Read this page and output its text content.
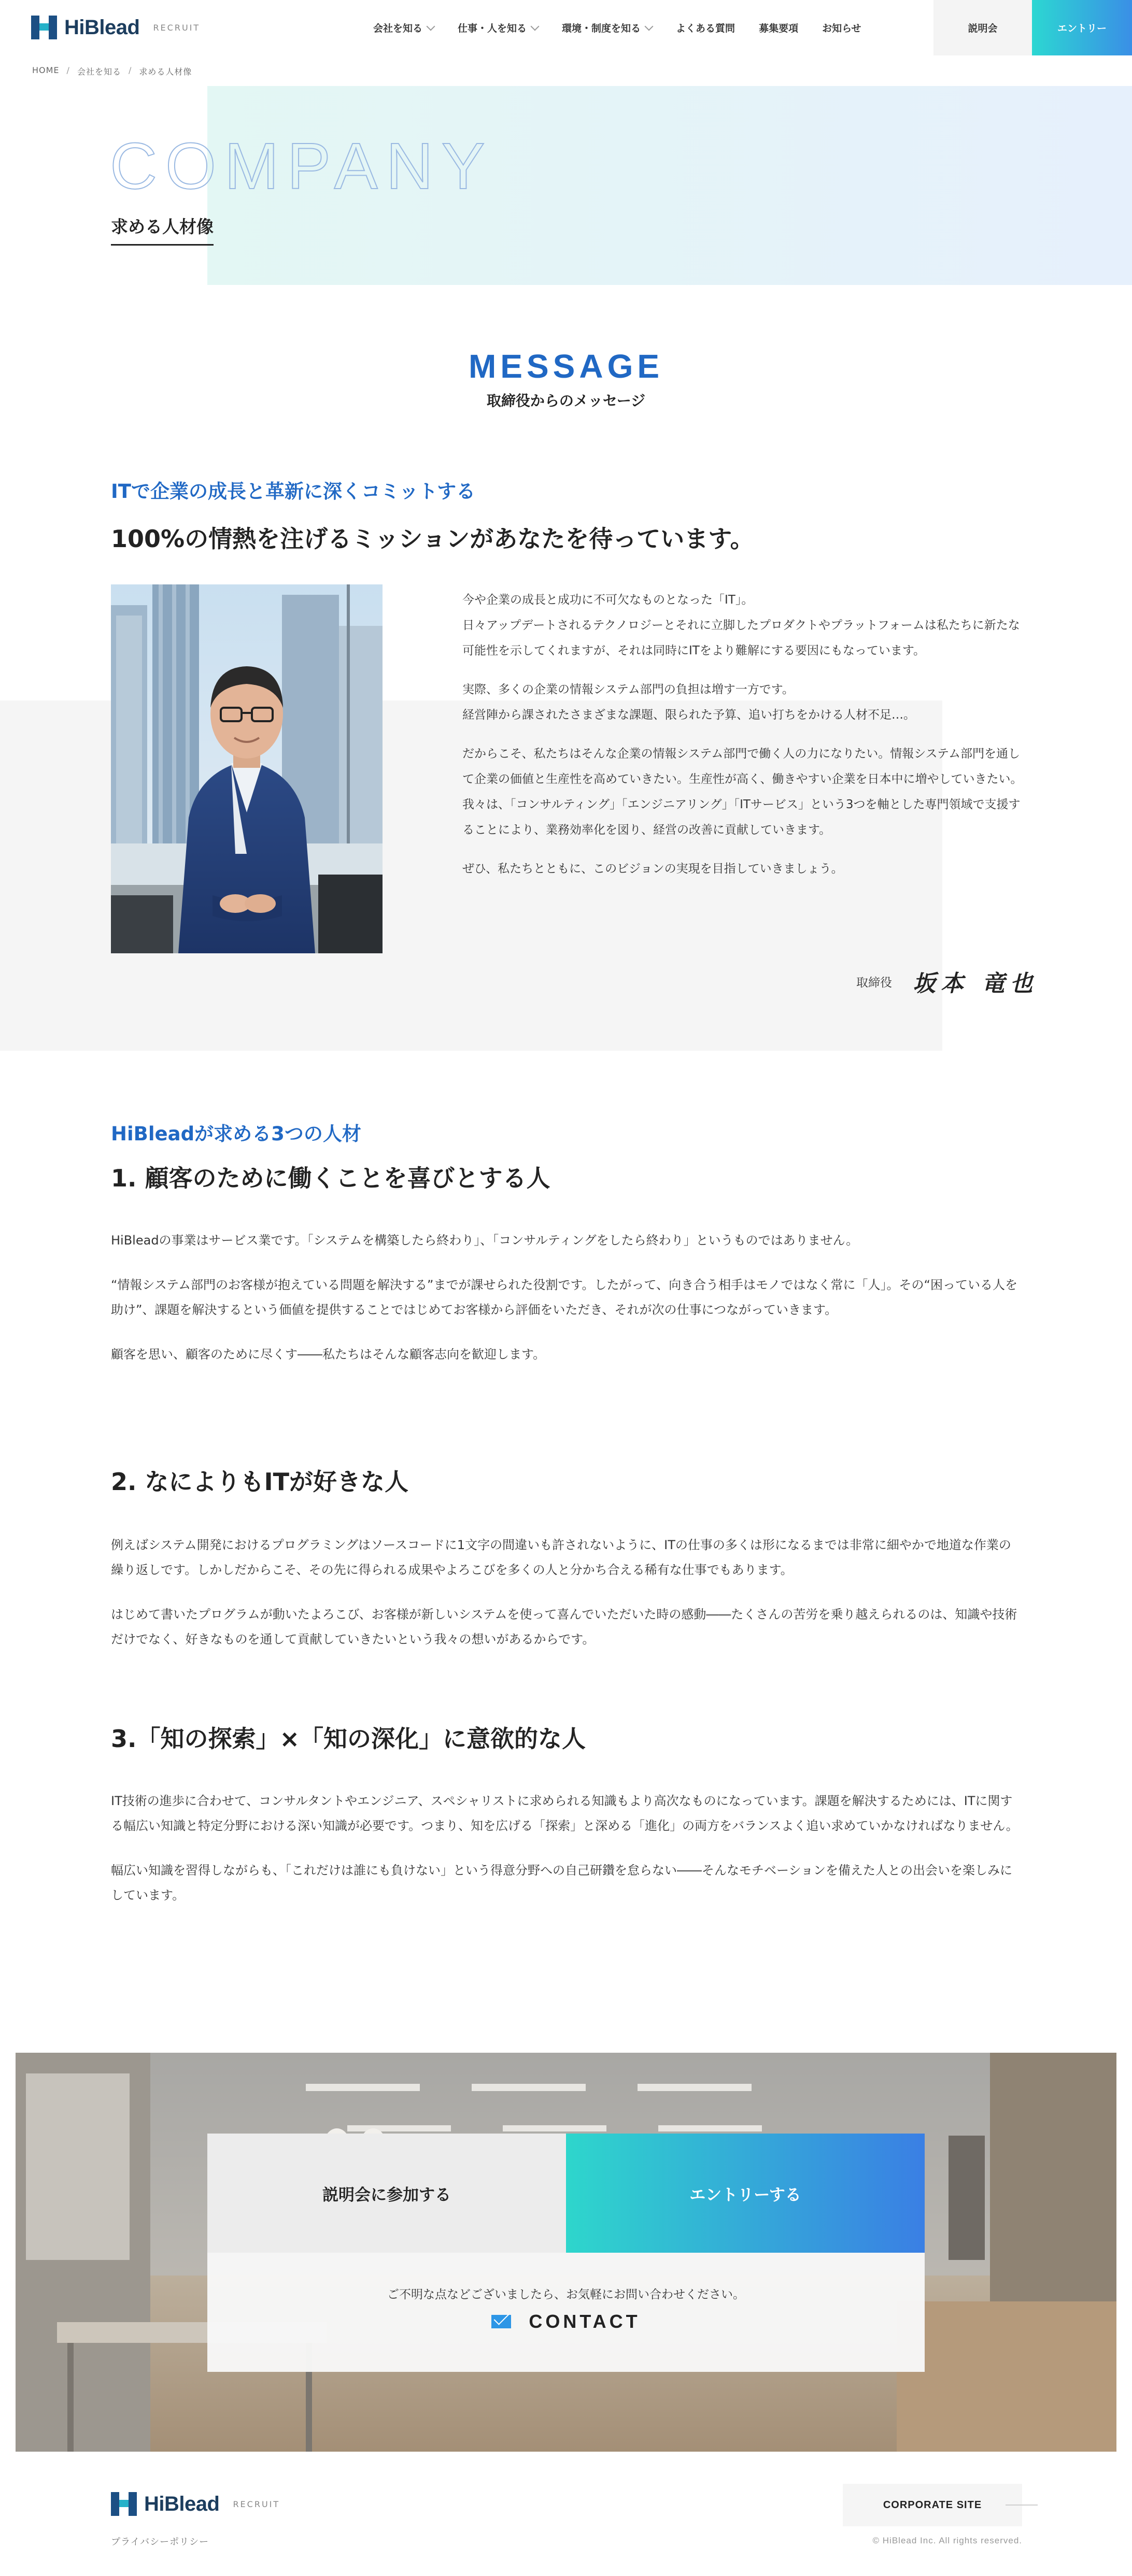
HiBlead RECRUIT	会社を知る	仕事・人を知る	環境・制度を知る	よくある質問 募集要項 お知らせ	説明会	エントリー
HOME / 会社を知る / 求める人材像
COMPANY
求める人材像
MESSAGE
取締役からのメッセージ
ITで企業の成長と革新に深くコミットする
100%の情熱を注げるミッションがあなたを待っています。

今や企業の成長と成功に不可欠なものとなった「IT」。
日々アップデートされるテクノロジーとそれに立脚したプロダクトやプラットフォームは私たちに新たな可能性を示してくれますが、それは同時にITをより難解にする要因にもなっています。

実際、多くの企業の情報システム部門の負担は増す一方です。
経営陣から課されたさまざまな課題、限られた予算、追い打ちをかける人材不足…。

だからこそ、私たちはそんな企業の情報システム部門で働く人の力になりたい。情報システム部門を通して企業の価値と生産性を高めていきたい。生産性が高く、働きやすい企業を日本中に増やしていきたい。
我々は、「コンサルティング」「エンジニアリング」「ITサービス」という3つを軸とした専門領域で支援することにより、業務効率化を図り、経営の改善に貢献していきます。

ぜひ、私たちとともに、このビジョンの実現を目指していきましょう。

取締役 坂本 竜也
HiBleadが求める3つの人材
1. 顧客のために働くことを喜びとする人

HiBleadの事業はサービス業です。「システムを構築したら終わり」、「コンサルティングをしたら終わり」というものではありません。

“情報システム部門のお客様が抱えている問題を解決する”までが課せられた役割です。したがって、向き合う相手はモノではなく常に「人」。その“困っている人を助け”、課題を解決するという価値を提供することではじめてお客様から評価をいただき、それが次の仕事につながっていきます。

顧客を思い、顧客のために尽くす――私たちはそんな顧客志向を歓迎します。

2. なによりもITが好きな人

例えばシステム開発におけるプログラミングはソースコードに1文字の間違いも許されないように、ITの仕事の多くは形になるまでは非常に細やかで地道な作業の繰り返しです。しかしだからこそ、その先に得られる成果やよろこびを多くの人と分かち合える稀有な仕事でもあります。

はじめて書いたプログラムが動いたよろこび、お客様が新しいシステムを使って喜んでいただいた時の感動――たくさんの苦労を乗り越えられるのは、知識や技術だけでなく、好きなものを通して貢献していきたいという我々の想いがあるからです。

3.「知の探索」×「知の深化」に意欲的な人

IT技術の進歩に合わせて、コンサルタントやエンジニア、スペシャリストに求められる知識もより高次なものになっています。課題を解決するためには、ITに関する幅広い知識と特定分野における深い知識が必要です。つまり、知を広げる「探索」と深める「進化」の両方をバランスよく追い求めていかなければなりません。

幅広い知識を習得しながらも、「これだけは誰にも負けない」という得意分野への自己研鑽を怠らない――そんなモチベーションを備えた人との出会いを楽しみにしています。

説明会に参加する	エントリーする
ご不明な点などございましたら、お気軽にお問い合わせください。
CONTACT
HiBlead RECRUIT
プライバシーポリシー
CORPORATE SITE
© HiBlead Inc. All rights reserved.
